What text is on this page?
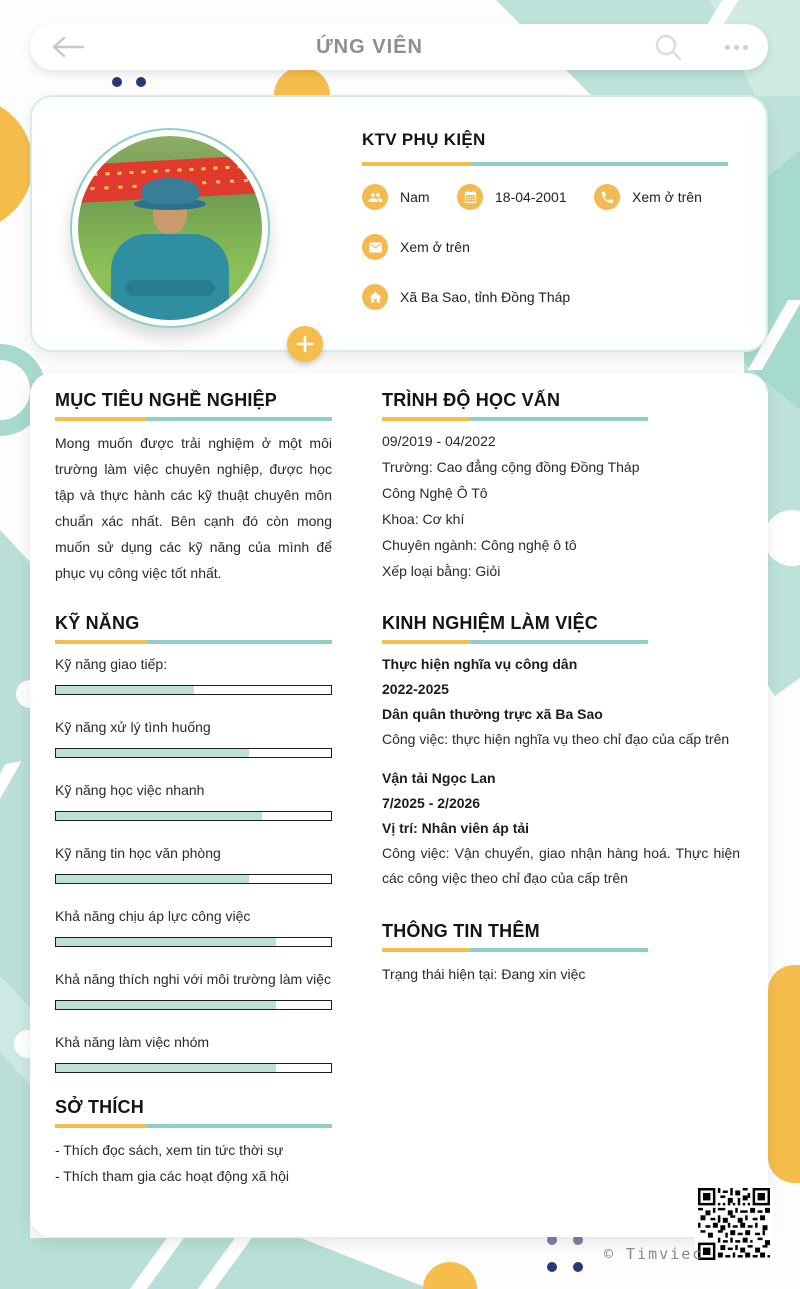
ỨNG VIÊN
KTV PHỤ KIỆN
Nam	18-04-2001	Xem ở trên
Xem ở trên
Xã Ba Sao, tỉnh Đồng Tháp
MỤC TIÊU NGHỀ NGHIỆP

Mong muốn được trải nghiệm ở một môi trường làm việc chuyên nghiệp, được học tập và thực hành các kỹ thuật chuyên môn chuẩn xác nhất. Bên cạnh đó còn mong muốn sử dụng các kỹ năng của mình để phục vụ công việc tốt nhất.

KỸ NĂNG
Kỹ năng giao tiếp:
Kỹ năng xử lý tình huống
Kỹ năng học việc nhanh
Kỹ năng tin học văn phòng
Khả năng chịu áp lực công việc
Khả năng thích nghi với môi trường làm việc
Khả năng làm việc nhóm
SỞ THÍCH
- Thích đọc sách, xem tin tức thời sự
- Thích tham gia các hoạt động xã hội
TRÌNH ĐỘ HỌC VẤN
09/2019 - 04/2022
Trường: Cao đẳng cộng đồng Đồng Tháp
Công Nghệ Ô Tô
Khoa: Cơ khí
Chuyên ngành: Công nghệ ô tô
Xếp loại bằng: Giỏi
KINH NGHIỆM LÀM VIỆC
Thực hiện nghĩa vụ công dân
2022-2025
Dân quân thường trực xã Ba Sao
Công việc: thực hiện nghĩa vụ theo chỉ đạo của cấp trên
Vận tải Ngọc Lan
7/2025 - 2/2026
Vị trí: Nhân viên áp tải
Công việc: Vận chuyển, giao nhận hàng hoá. Thực hiện các công việc theo chỉ đạo của cấp trên
THÔNG TIN THÊM
Trạng thái hiện tại: Đang xin việc
© Timviec
